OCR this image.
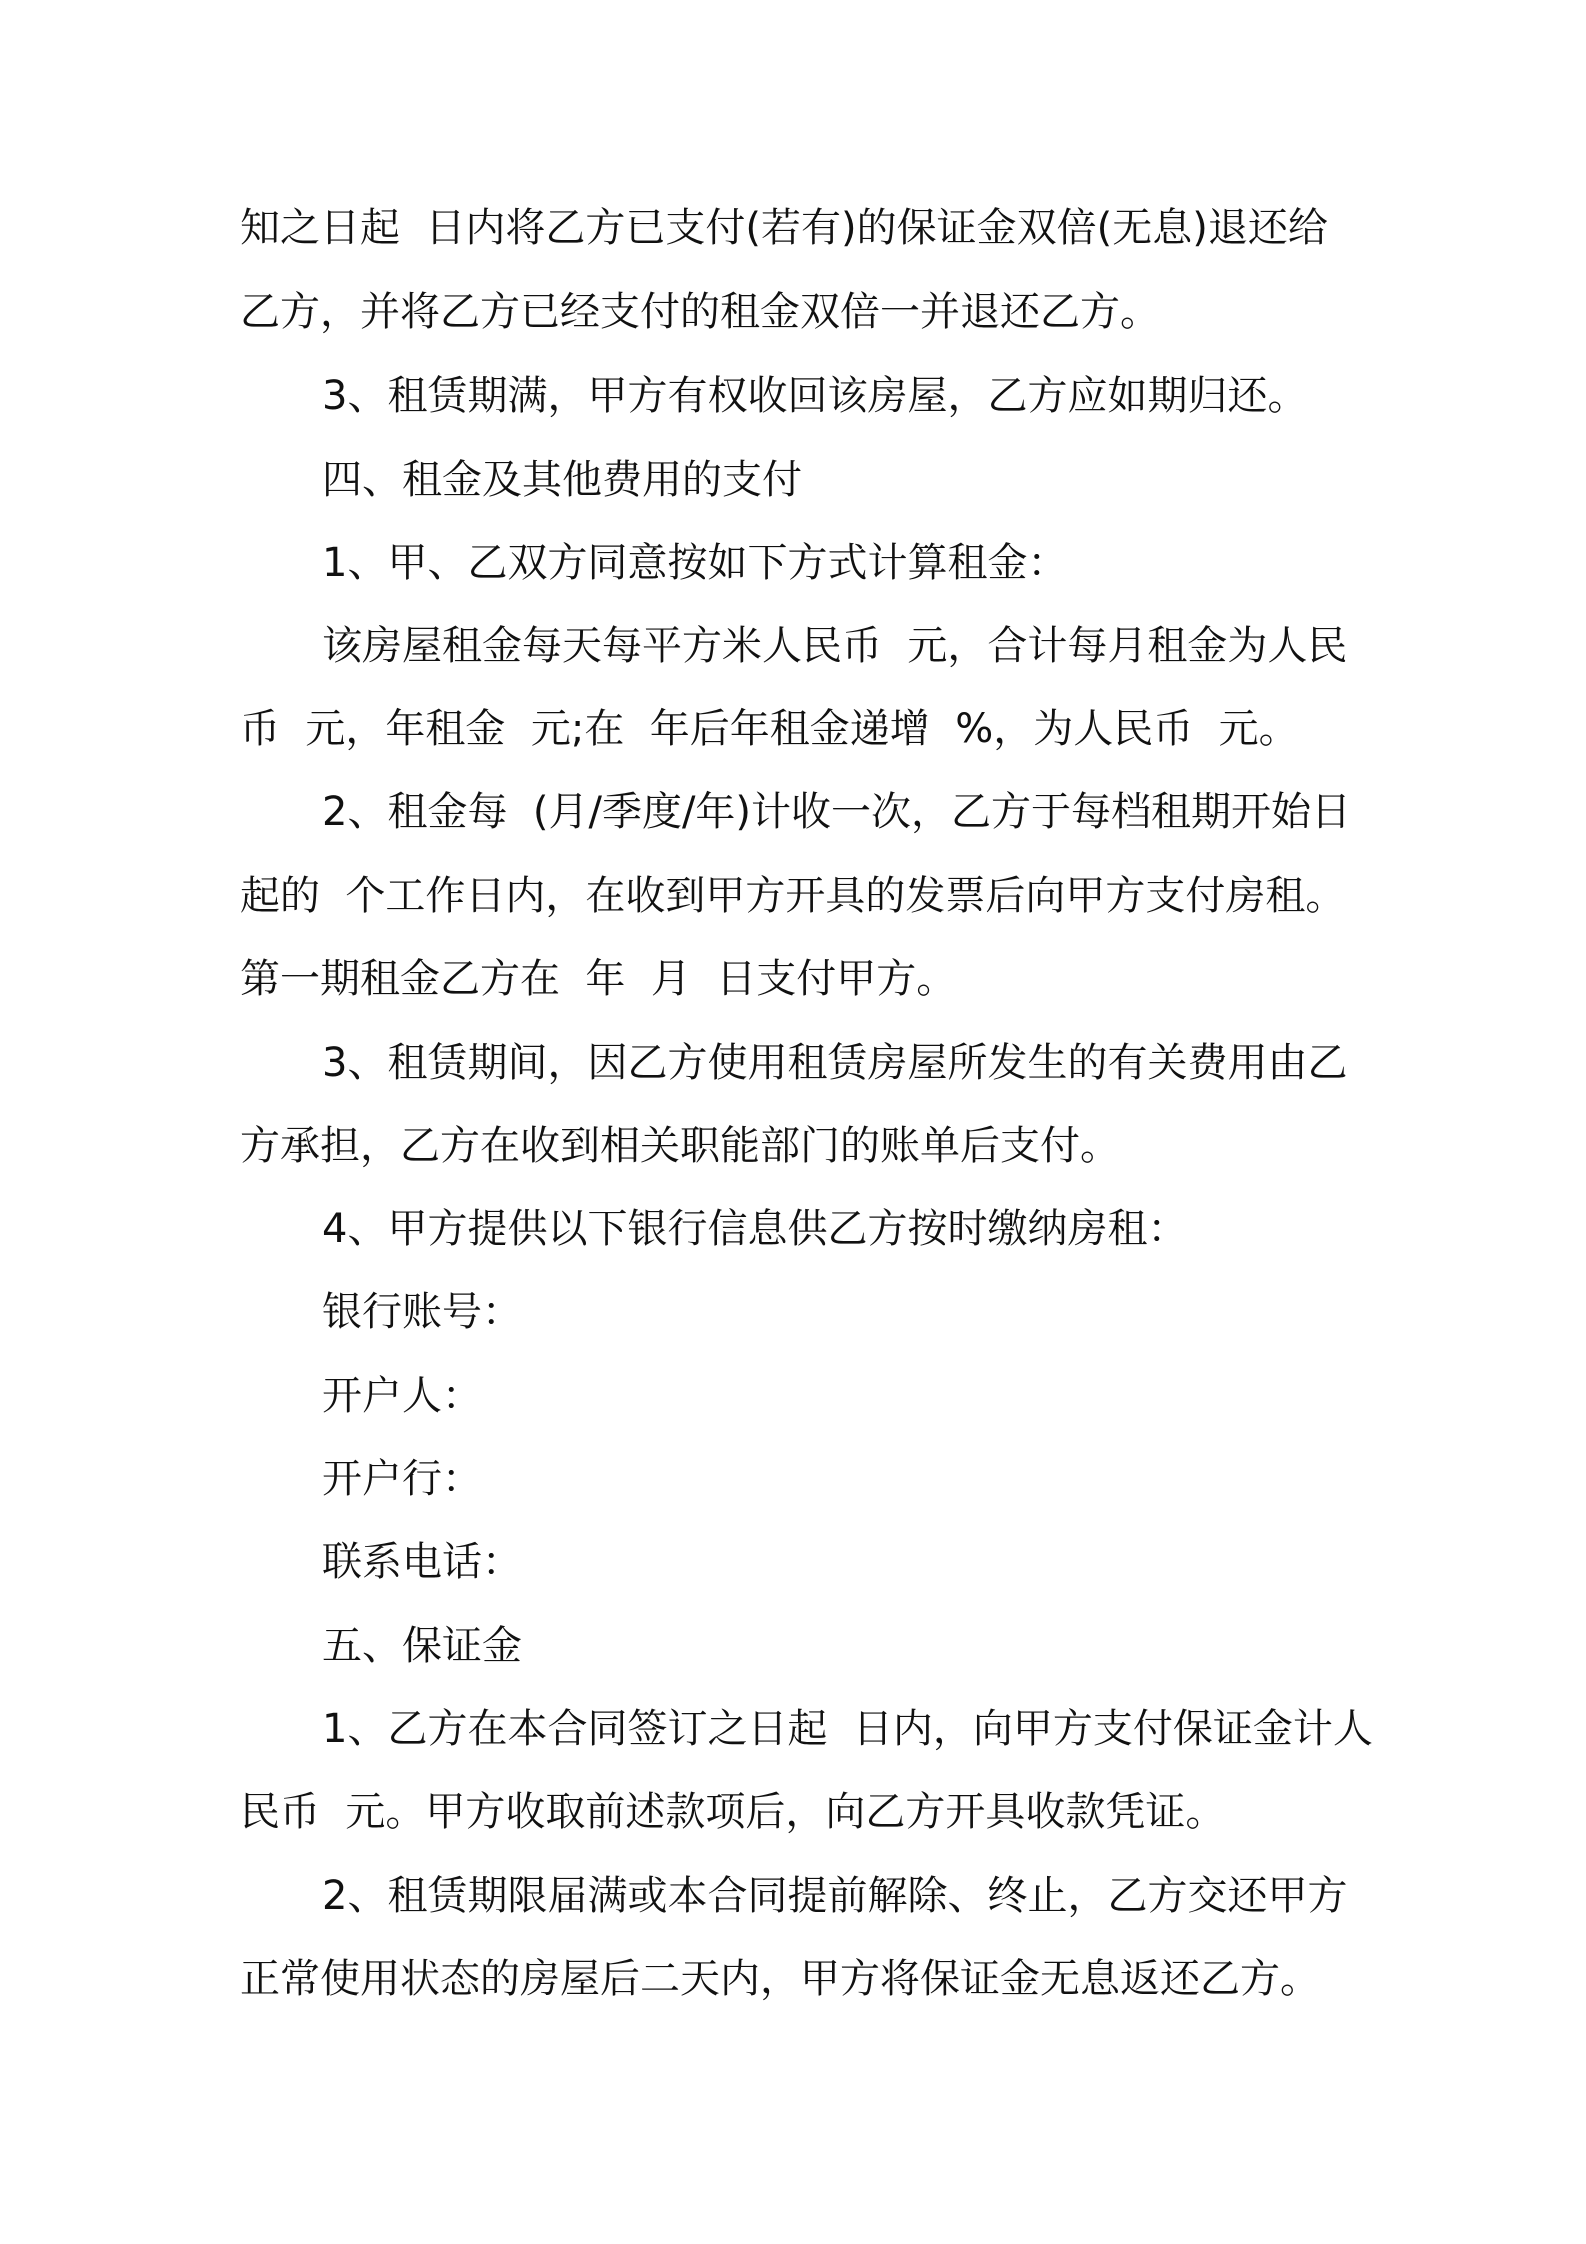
知之日起  日内将乙方已支付(若有)的保证金双倍(无息)退还给
乙方，并将乙方已经支付的租金双倍一并退还乙方。
3、租赁期满，甲方有权收回该房屋，乙方应如期归还。
四、租金及其他费用的支付
1、甲、乙双方同意按如下方式计算租金：
该房屋租金每天每平方米人民币  元，合计每月租金为人民
币  元，年租金  元;在  年后年租金递增  %，为人民币  元。
2、租金每  (月/季度/年)计收一次，乙方于每档租期开始日
起的  个工作日内，在收到甲方开具的发票后向甲方支付房租。
第一期租金乙方在  年  月  日支付甲方。
3、租赁期间，因乙方使用租赁房屋所发生的有关费用由乙
方承担，乙方在收到相关职能部门的账单后支付。
4、甲方提供以下银行信息供乙方按时缴纳房租：
银行账号：
开户人：
开户行：
联系电话：
五、保证金
1、乙方在本合同签订之日起  日内，向甲方支付保证金计人
民币  元。甲方收取前述款项后，向乙方开具收款凭证。
2、租赁期限届满或本合同提前解除、终止，乙方交还甲方
正常使用状态的房屋后二天内，甲方将保证金无息返还乙方。
